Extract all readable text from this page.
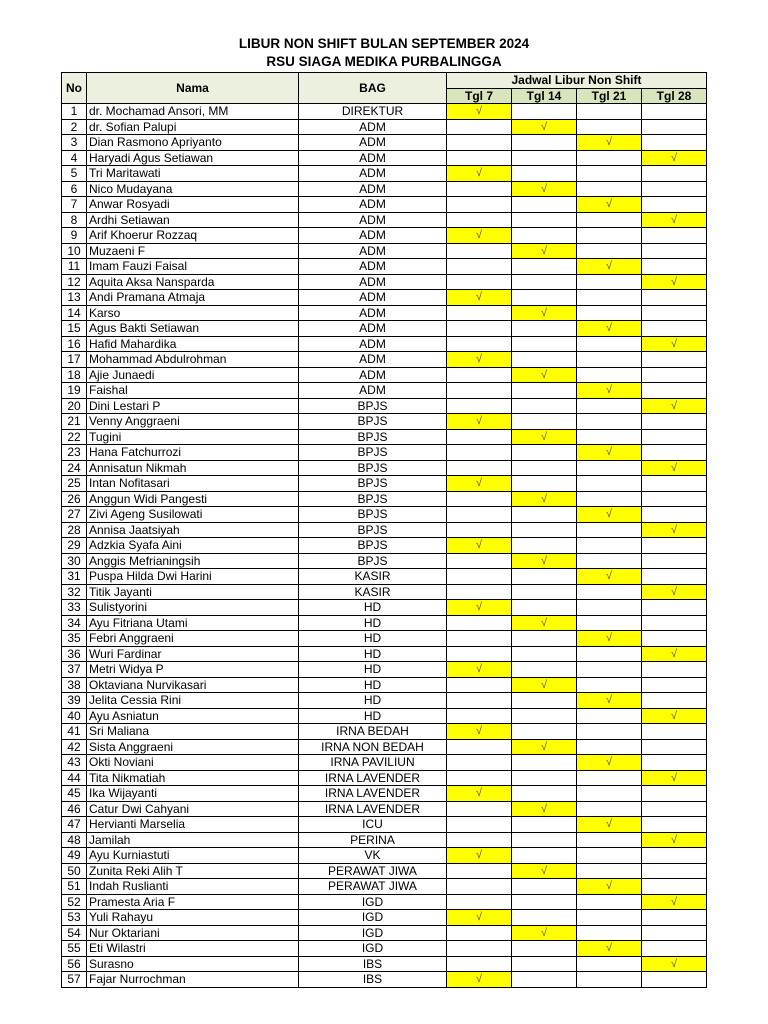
LIBUR NON SHIFT BULAN SEPTEMBER 2024
RSU SIAGA MEDIKA PURBALINGGA
No	Nama	BAG	Jadwal Libur Non Shift			
			Tgl 7	Tgl 14	Tgl 21	Tgl 28
1	dr. Mochamad Ansori, MM	DIREKTUR	√			
2	dr. Sofian Palupi	ADM		√		
3	Dian Rasmono Apriyanto	ADM			√	
4	Haryadi Agus Setiawan	ADM				√
5	Tri Maritawati	ADM	√			
6	Nico Mudayana	ADM		√		
7	Anwar Rosyadi	ADM			√	
8	Ardhi Setiawan	ADM				√
9	Arif Khoerur Rozzaq	ADM	√			
10	Muzaeni F	ADM		√		
11	Imam Fauzi Faisal	ADM			√	
12	Aquita Aksa Nansparda	ADM				√
13	Andi Pramana Atmaja	ADM	√			
14	Karso	ADM		√		
15	Agus Bakti Setiawan	ADM			√	
16	Hafid Mahardika	ADM				√
17	Mohammad Abdulrohman	ADM	√			
18	Ajie Junaedi	ADM		√		
19	Faishal	ADM			√	
20	Dini Lestari P	BPJS				√
21	Venny Anggraeni	BPJS	√			
22	Tugini	BPJS		√		
23	Hana Fatchurrozi	BPJS			√	
24	Annisatun Nikmah	BPJS				√
25	Intan Nofitasari	BPJS	√			
26	Anggun Widi Pangesti	BPJS		√		
27	Zivi Ageng Susilowati	BPJS			√	
28	Annisa Jaatsiyah	BPJS				√
29	Adzkia Syafa Aini	BPJS	√			
30	Anggis Mefrianingsih	BPJS		√		
31	Puspa Hilda Dwi Harini	KASIR			√	
32	Titik Jayanti	KASIR				√
33	Sulistyorini	HD	√			
34	Ayu Fitriana Utami	HD		√		
35	Febri Anggraeni	HD			√	
36	Wuri Fardinar	HD				√
37	Metri Widya P	HD	√			
38	Oktaviana Nurvikasari	HD		√		
39	Jelita Cessia Rini	HD			√	
40	Ayu Asniatun	HD				√
41	Sri Maliana	IRNA BEDAH	√			
42	Sista Anggraeni	IRNA NON BEDAH		√		
43	Okti Noviani	IRNA PAVILIUN			√	
44	Tita Nikmatiah	IRNA LAVENDER				√
45	Ika Wijayanti	IRNA LAVENDER	√			
46	Catur Dwi Cahyani	IRNA LAVENDER		√		
47	Hervianti Marselia	ICU			√	
48	Jamilah	PERINA				√
49	Ayu Kurniastuti	VK	√			
50	Zunita Reki Alih T	PERAWAT JIWA		√		
51	Indah Ruslianti	PERAWAT JIWA			√	
52	Pramesta Aria F	IGD				√
53	Yuli Rahayu	IGD	√			
54	Nur Oktariani	IGD		√		
55	Eti Wilastri	IGD			√	
56	Surasno	IBS				√
57	Fajar Nurrochman	IBS	√			
